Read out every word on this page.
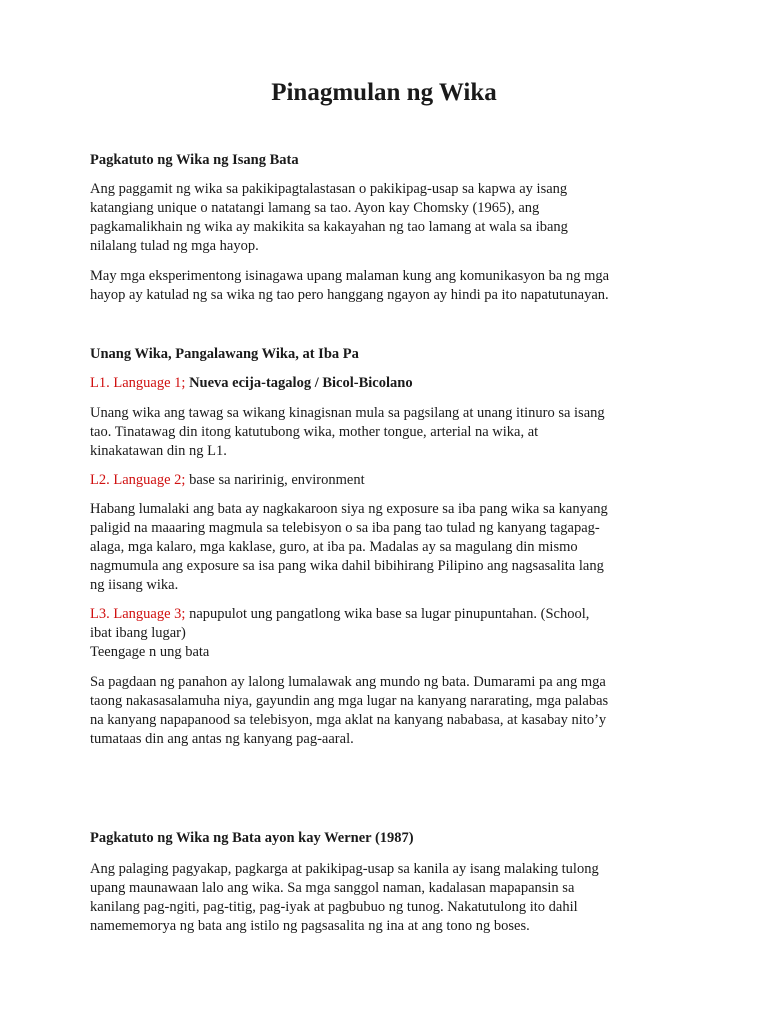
Pinagmulan ng Wika
Pagkatuto ng Wika ng Isang Bata

Ang paggamit ng wika sa pakikipagtalastasan o pakikipag-usap sa kapwa ay isang
katangiang unique o natatangi lamang sa tao. Ayon kay Chomsky (1965), ang
pagkamalikhain ng wika ay makikita sa kakayahan ng tao lamang at wala sa ibang
nilalang tulad ng mga hayop.

May mga eksperimentong isinagawa upang malaman kung ang komunikasyon ba ng mga
hayop ay katulad ng sa wika ng tao pero hanggang ngayon ay hindi pa ito napatutunayan.

Unang Wika, Pangalawang Wika, at Iba Pa

L1. Language 1; Nueva ecija-tagalog / Bicol-Bicolano

Unang wika ang tawag sa wikang kinagisnan mula sa pagsilang at unang itinuro sa isang
tao. Tinatawag din itong katutubong wika, mother tongue, arterial na wika, at
kinakatawan din ng L1.

L2. Language 2; base sa naririnig, environment

Habang lumalaki ang bata ay nagkakaroon siya ng exposure sa iba pang wika sa kanyang
paligid na maaaring magmula sa telebisyon o sa iba pang tao tulad ng kanyang tagapag-
alaga, mga kalaro, mga kaklase, guro, at iba pa. Madalas ay sa magulang din mismo
nagmumula ang exposure sa isa pang wika dahil bibihirang Pilipino ang nagsasalita lang
ng iisang wika.

L3. Language 3; napupulot ung pangatlong wika base sa lugar pinupuntahan. (School,
ibat ibang lugar)
Teengage n ung bata

Sa pagdaan ng panahon ay lalong lumalawak ang mundo ng bata. Dumarami pa ang mga
taong nakasasalamuha niya, gayundin ang mga lugar na kanyang nararating, mga palabas
na kanyang napapanood sa telebisyon, mga aklat na kanyang nababasa, at kasabay nito’y
tumataas din ang antas ng kanyang pag-aaral.

Pagkatuto ng Wika ng Bata ayon kay Werner (1987)

Ang palaging pagyakap, pagkarga at pakikipag-usap sa kanila ay isang malaking tulong
upang maunawaan lalo ang wika. Sa mga sanggol naman, kadalasan mapapansin sa
kanilang pag-ngiti, pag-titig, pag-iyak at pagbubuo ng tunog. Nakatutulong ito dahil
namememorya ng bata ang istilo ng pagsasalita ng ina at ang tono ng boses.
